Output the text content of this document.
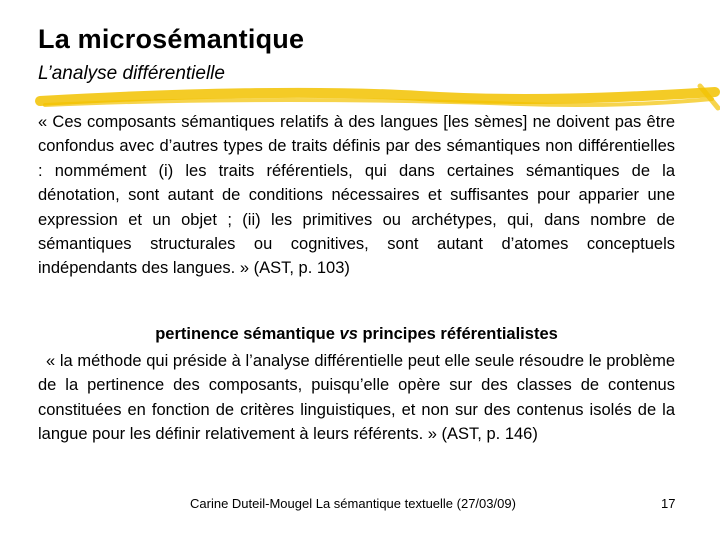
La microsémantique
L’analyse différentielle
« Ces composants sémantiques relatifs à des langues [les sèmes] ne doivent pas être confondus avec d’autres types de traits définis par des sémantiques non différentielles : nommément (i) les traits référentiels, qui dans certaines sémantiques de la dénotation, sont autant de conditions nécessaires et suffisantes pour apparier une expression et un objet ; (ii) les primitives ou archétypes, qui, dans nombre de sémantiques structurales ou cognitives, sont autant d’atomes conceptuels indépendants des langues. » (AST, p. 103)
pertinence sémantique vs principes référentialistes
« la méthode qui préside à l’analyse différentielle peut elle seule résoudre le problème de la pertinence des composants, puisqu’elle opère sur des classes de contenus constituées en fonction de critères linguistiques, et non sur des contenus isolés de la langue pour les définir relativement à leurs référents. » (AST, p. 146)
Carine Duteil-Mougel La sémantique textuelle (27/03/09)	17
